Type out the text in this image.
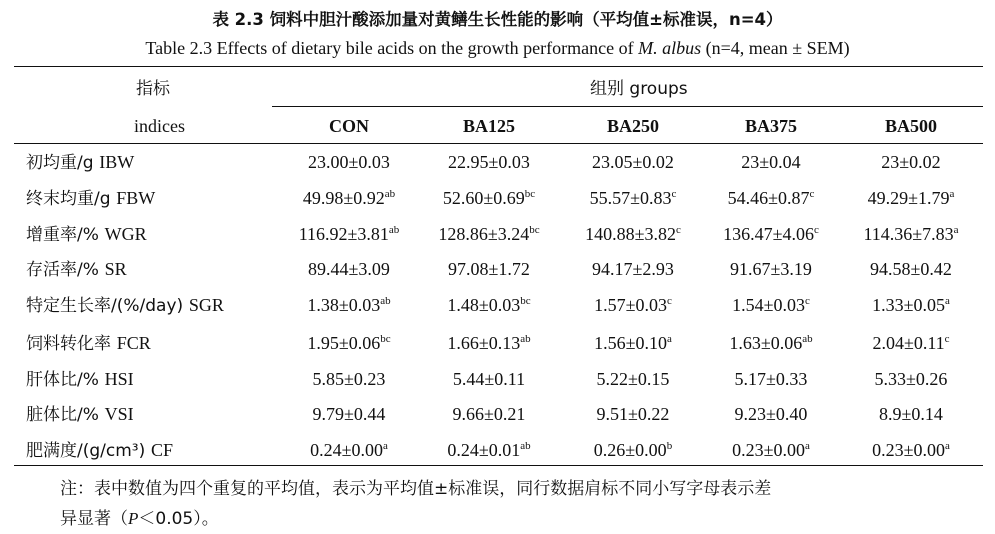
表 2.3 饲料中胆汁酸添加量对黄鳝生长性能的影响（平均值±标准误，n=4）
Table 2.3 Effects of dietary bile acids on the growth performance of M. albus (n=4, mean ± SEM)
指标
indices
组别 groups
CON	BA125	BA250	BA375	BA500
初均重/g IBW	23.00±0.03	22.95±0.03	23.05±0.02	23±0.04	23±0.02
终末均重/g FBW	49.98±0.92$^{ab}$	52.60±0.69$^{bc}$	55.57±0.83$^c$	54.46±0.87$^c$	49.29±1.79$^a$
增重率/% WGR	116.92±3.81$^{ab}$	128.86±3.24$^{bc}$	140.88±3.82$^c$	136.47±4.06$^c$	114.36±7.83$^a$
存活率/% SR	89.44±3.09	97.08±1.72	94.17±2.93	91.67±3.19	94.58±0.42
特定生长率/(%/day) SGR	1.38±0.03$^{ab}$	1.48±0.03$^{bc}$	1.57±0.03$^c$	1.54±0.03$^c$	1.33±0.05$^a$
饲料转化率 FCR	1.95±0.06$^{bc}$	1.66±0.13$^{ab}$	1.56±0.10$^a$	1.63±0.06$^{ab}$	2.04±0.11$^c$
肝体比/% HSI	5.85±0.23	5.44±0.11	5.22±0.15	5.17±0.33	5.33±0.26
脏体比/% VSI	9.79±0.44	9.66±0.21	9.51±0.22	9.23±0.40	8.9±0.14
肥满度/(g/cm³) CF	0.24±0.00$^a$	0.24±0.01$^{ab}$	0.26±0.00$^b$	0.23±0.00$^a$	0.23±0.00$^a$
注：表中数值为四个重复的平均值，表示为平均值±标准误，同行数据肩标不同小写字母表示差
异显著（P＜0.05）。
